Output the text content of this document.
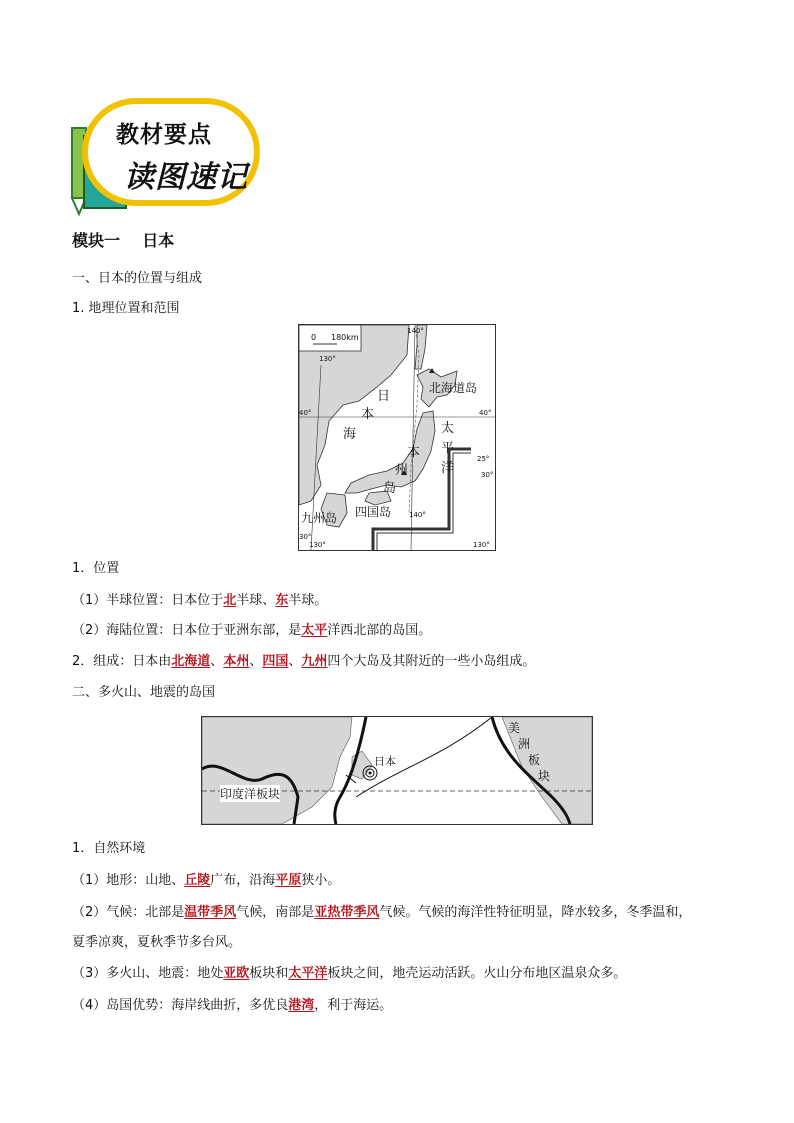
教材要点
读图速记
模块一 日本
一、日本的位置与组成
1. 地理位置和范围
0 180km
130°
140°
40°	40°
30°
130°
140°
25°
30°
130°
日
本
海	太
平
洋
本
州
岛
北海道岛
四国岛
九州岛
1．位置
（1）半球位置：日本位于北半球、东半球。
（2）海陆位置：日本位于亚洲东部，是太平洋西北部的岛国。
2．组成：日本由北海道、本州、四国、九州四个大岛及其附近的一些小岛组成。
二、多火山、地震的岛国
日本
印度洋板块
美
洲
板
块
1．自然环境
（1）地形：山地、丘陵广布，沿海平原狭小。
（2）气候：北部是温带季风气候，南部是亚热带季风气候。气候的海洋性特征明显，降水较多，冬季温和，
夏季凉爽，夏秋季节多台风。
（3）多火山、地震：地处亚欧板块和太平洋板块之间，地壳运动活跃。火山分布地区温泉众多。
（4）岛国优势：海岸线曲折，多优良港湾，利于海运。
